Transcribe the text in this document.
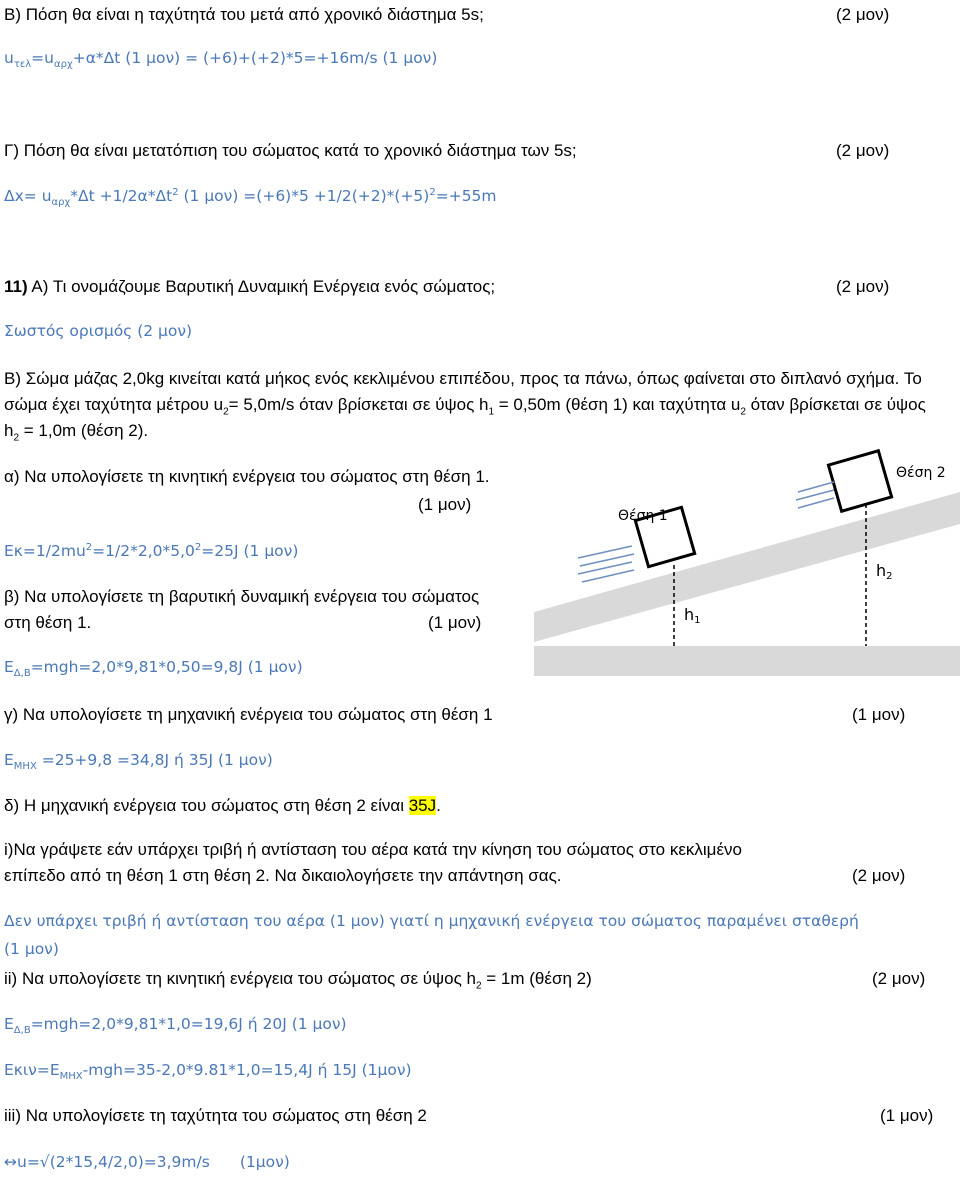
Β) Πόση θα είναι η ταχύτητά του μετά από χρονικό διάστημα 5s;	(2 μον)
$u_{\tau\varepsilon\lambda}=u_{\alpha\rho\chi}+\alpha*\Delta t$ (1 μον) = (+6)+(+2)*5=+16m/s (1 μον)
Γ) Πόση θα είναι μετατόπιση του σώματος κατά το χρονικό διάστημα των 5s;	(2 μον)
$\Delta x= u_{\alpha\rho\chi}*\Delta t +1/2\alpha*\Delta t^2$ (1 $\mu o\nu) =(+6)*5 +1/2(+2)*(+5)^2=+55m$
11) Α) Τι ονομάζουμε Βαρυτική Δυναμική Ενέργεια ενός σώματος;	(2 μον)
Σωστός ορισμός (2 μον)
Β) Σώμα μάζας 2,0kg κινείται κατά μήκος ενός κεκλιμένου επιπέδου, προς τα πάνω, όπως φαίνεται στο διπλανό σχήμα. Το σώμα έχει ταχύτητα μέτρου $u_2= 5,0m/s$ όταν βρίσκεται σε ύψος $h_1 = 0,50m$ (θέση 1) και ταχύτητα $u_2$ όταν βρίσκεται σε ύψος $h_2 = 1,0m$ (θέση 2).
α) Να υπολογίσετε τη κινητική ενέργεια του σώματος στη θέση 1.
(1 μον)
$E\kappa=1/2mu^2=1/2*2,0*5,0^2=25J$ (1 μον)
β) Να υπολογίσετε τη βαρυτική δυναμική ενέργεια του σώματος στη θέση 1.	(1 μον)
$E_{\Delta,B}=mgh=2,0*9,81*0,50=9,8J$ (1 μον)
Θέση 1
Θέση 2
h1
h2
γ) Να υπολογίσετε τη μηχανική ενέργεια του σώματος στη θέση 1	(1 μον)
$E_{MHX} =25+9,8 =34,8J$ ή 35J (1 μον)
δ) Η μηχανική ενέργεια του σώματος στη θέση 2 είναι 35J.
i)Να γράψετε εάν υπάρχει τριβή ή αντίσταση του αέρα κατά την κίνηση του σώματος στο κεκλιμένο επίπεδο από τη θέση 1 στη θέση 2. Να δικαιολογήσετε την απάντηση σας.	(2 μον)
Δεν υπάρχει τριβή ή αντίσταση του αέρα (1 μον) γιατί η μηχανική ενέργεια του σώματος παραμένει σταθερή
(1 μον)
ii) Να υπολογίσετε τη κινητική ενέργεια του σώματος σε ύψος $h_2 = 1m$ (θέση 2)	(2 μον)
$E_{\Delta,B}=mgh=2,0*9,81*1,0=19,6J$ ή 20J (1 μον)
$E\kappa\iota\nu=E_{MHX}-mgh=35-2,0*9.81*1,0=15,4J$ ή 15J (1μον)
iii) Να υπολογίσετε τη ταχύτητα του σώματος στη θέση 2	(1 μον)
↔u=√(2*15,4/2,0)=3,9m/s (1μον)
